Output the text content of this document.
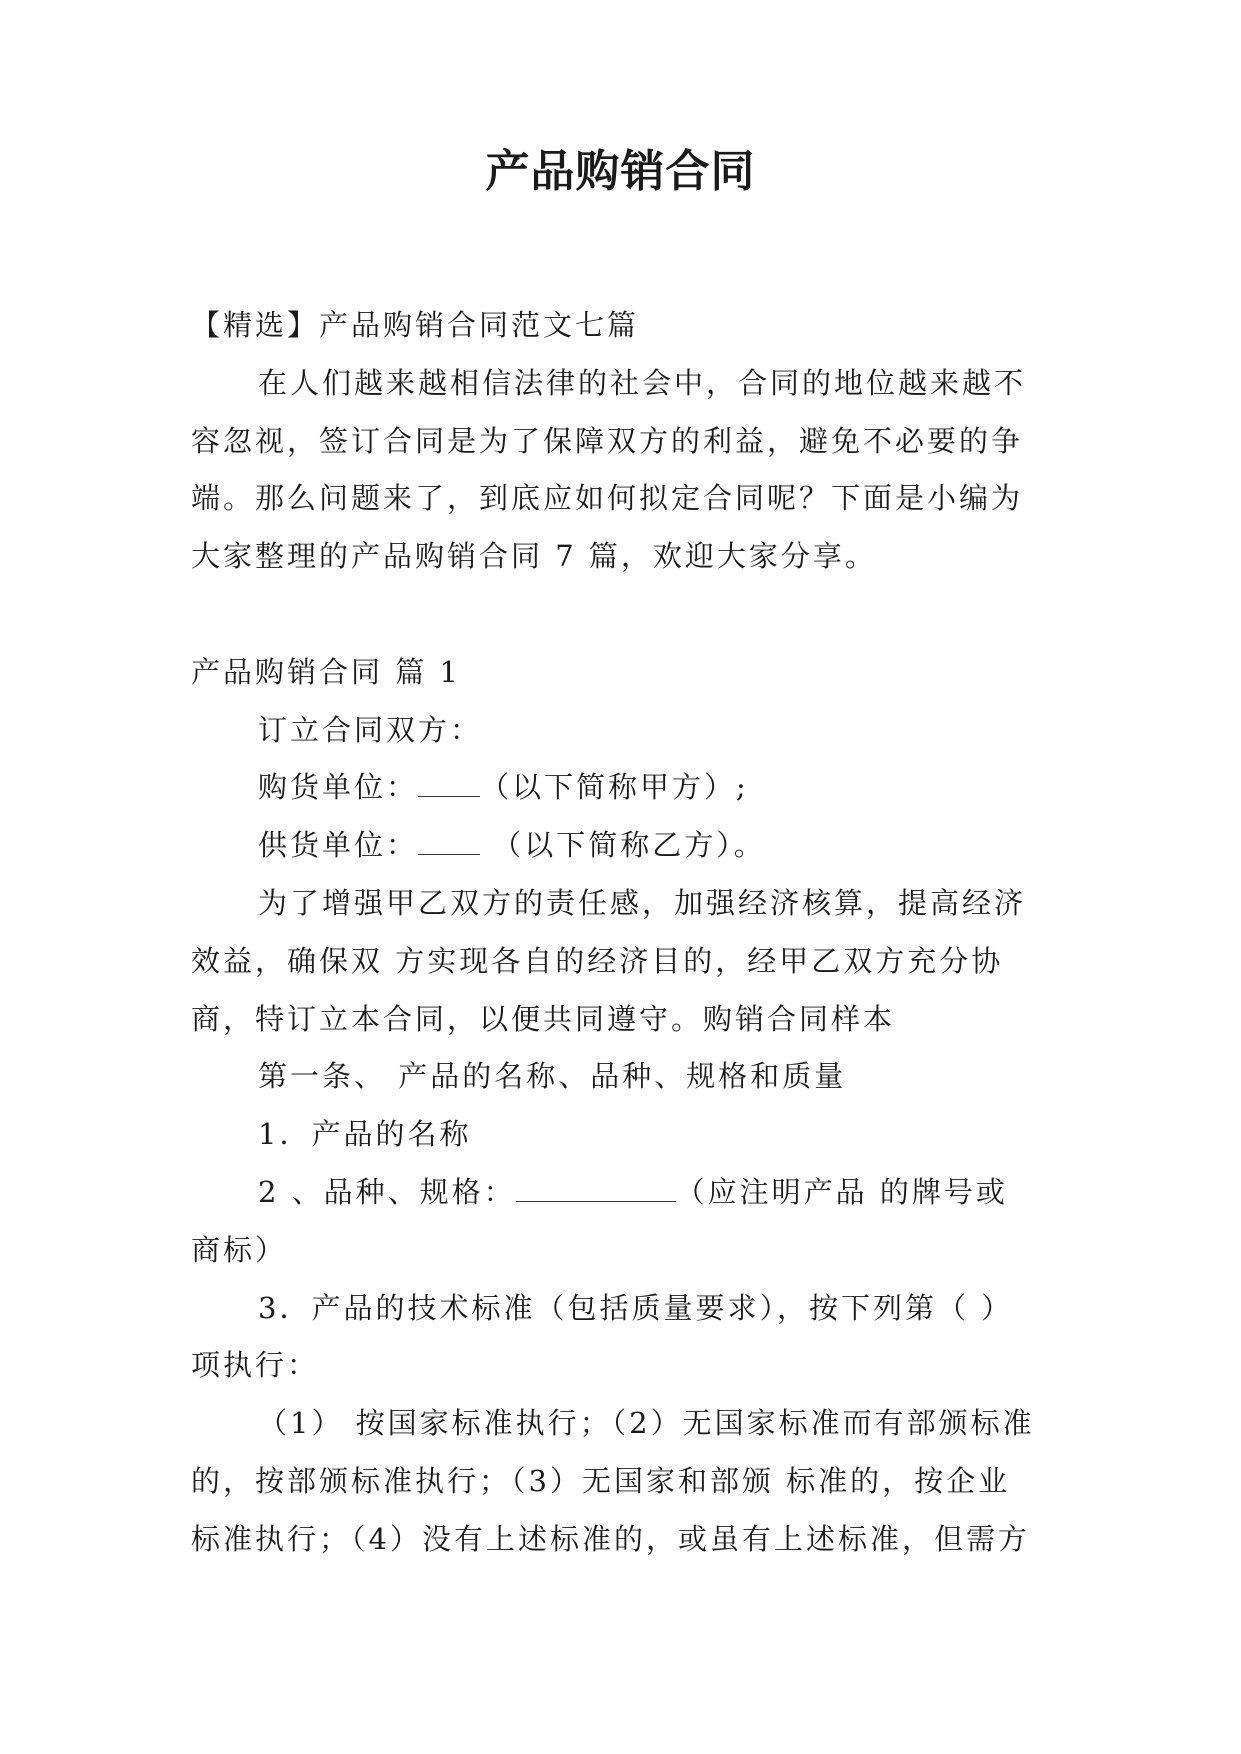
产品购销合同
【精选】产品购销合同范文七篇
在人们越来越相信法律的社会中，合同的地位越来越不
容忽视，签订合同是为了保障双方的利益，避免不必要的争
端。那么问题来了，到底应如何拟定合同呢？下面是小编为
大家整理的产品购销合同 7 篇，欢迎大家分享。
产品购销合同 篇 1
订立合同双方：
购货单位： （以下简称甲方）;
供货单位： （以下简称乙方）。
为了增强甲乙双方的责任感，加强经济核算，提高经济
效益，确保双 方实现各自的经济目的，经甲乙双方充分协
商，特订立本合同，以便共同遵守。购销合同样本
第一条、 产品的名称、品种、规格和质量
1．产品的名称
2 、品种、规格：	（应注明产品 的牌号或
商标）
3．产品的技术标准（包括质量要求），按下列第（ ）
项执行：
（1） 按国家标准执行；（2）无国家标准而有部颁标准
的，按部颁标准执行；（3）无国家和部颁 标准的，按企业
标准执行；（4）没有上述标准的，或虽有上述标准，但需方
